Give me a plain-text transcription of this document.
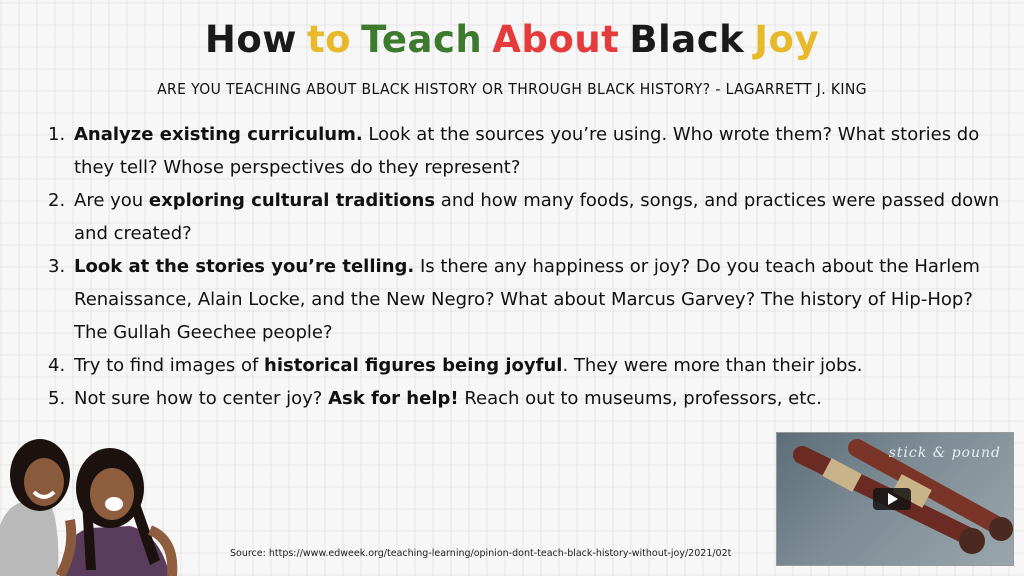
How to Teach About Black Joy

ARE YOU TEACHING ABOUT BLACK HISTORY OR THROUGH BLACK HISTORY? - LAGARRETT J. KING

1. Analyze existing curriculum. Look at the sources you’re using. Who wrote them? What stories do they tell? Whose perspectives do they represent?
2. Are you exploring cultural traditions and how many foods, songs, and practices were passed down and created?
3. Look at the stories you’re telling. Is there any happiness or joy? Do you teach about the Harlem Renaissance, Alain Locke, and the New Negro? What about Marcus Garvey? The history of Hip-Hop? The Gullah Geechee people?
4. Try to find images of historical figures being joyful. They were more than their jobs.
5. Not sure how to center joy? Ask for help! Reach out to museums, professors, etc.
stick & pound
Source: https://www.edweek.org/teaching-learning/opinion-dont-teach-black-history-without-joy/2021/02t
